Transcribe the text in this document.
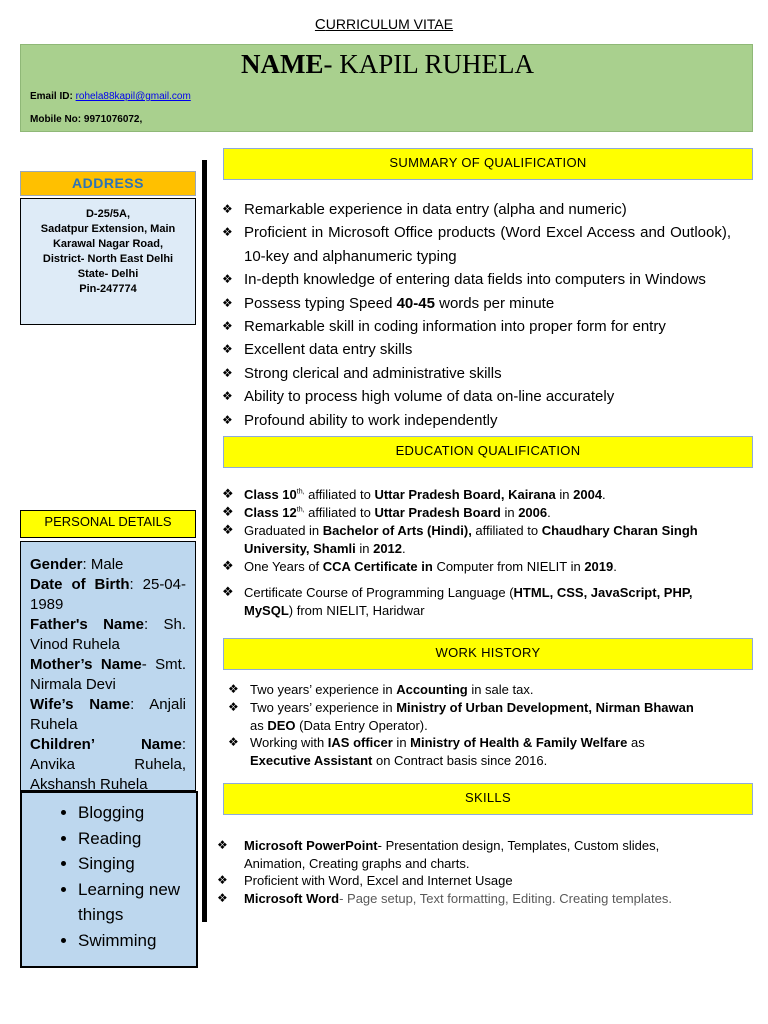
CURRICULUM VITAE
NAME- KAPIL RUHELA
Email ID: rohela88kapil@gmail.com
Mobile No: 9971076072,
ADDRESS
D-25/5A,
Sadatpur Extension, Main
Karawal Nagar Road,
District- North East Delhi
State- Delhi
Pin-247774
PERSONAL DETAILS
Gender: Male
Date of Birth: 25-04-1989
Father's Name: Sh. Vinod Ruhela
Mother’s Name- Smt. Nirmala Devi
Wife’s Name: Anjali Ruhela
Children’ Name: Anvika Ruhela, Akshansh Ruhela
• Blogging
• Reading
• Singing
• Learning new things
• Swimming
SUMMARY OF QUALIFICATION
❖ Remarkable experience in data entry (alpha and numeric)
❖ Proficient in Microsoft Office products (Word Excel Access and Outlook), 10-key and alphanumeric typing
❖ In-depth knowledge of entering data fields into computers in Windows
❖ Possess typing Speed 40-45 words per minute
❖ Remarkable skill in coding information into proper form for entry
❖ Excellent data entry skills
❖ Strong clerical and administrative skills
❖ Ability to process high volume of data on-line accurately
❖ Profound ability to work independently
EDUCATION QUALIFICATION
❖ Class $10^{th,}$ affiliated to Uttar Pradesh Board, Kairana in 2004.
❖ Class $12^{th,}$ affiliated to Uttar Pradesh Board in 2006.
❖ Graduated in Bachelor of Arts (Hindi), affiliated to Chaudhary Charan Singh University, Shamli in 2012.
❖ One Years of CCA Certificate in Computer from NIELIT in 2019.
❖ Certificate Course of Programming Language (HTML, CSS, JavaScript, PHP, MySQL) from NIELIT, Haridwar
WORK HISTORY
❖ Two years’ experience in Accounting in sale tax.
❖ Two years’ experience in Ministry of Urban Development, Nirman Bhawan as DEO (Data Entry Operator).
❖ Working with IAS officer in Ministry of Health & Family Welfare as Executive Assistant on Contract basis since 2016.
SKILLS
❖ Microsoft PowerPoint- Presentation design, Templates, Custom slides, Animation, Creating graphs and charts.
❖ Proficient with Word, Excel and Internet Usage
❖ Microsoft Word- Page setup, Text formatting, Editing. Creating templates.
